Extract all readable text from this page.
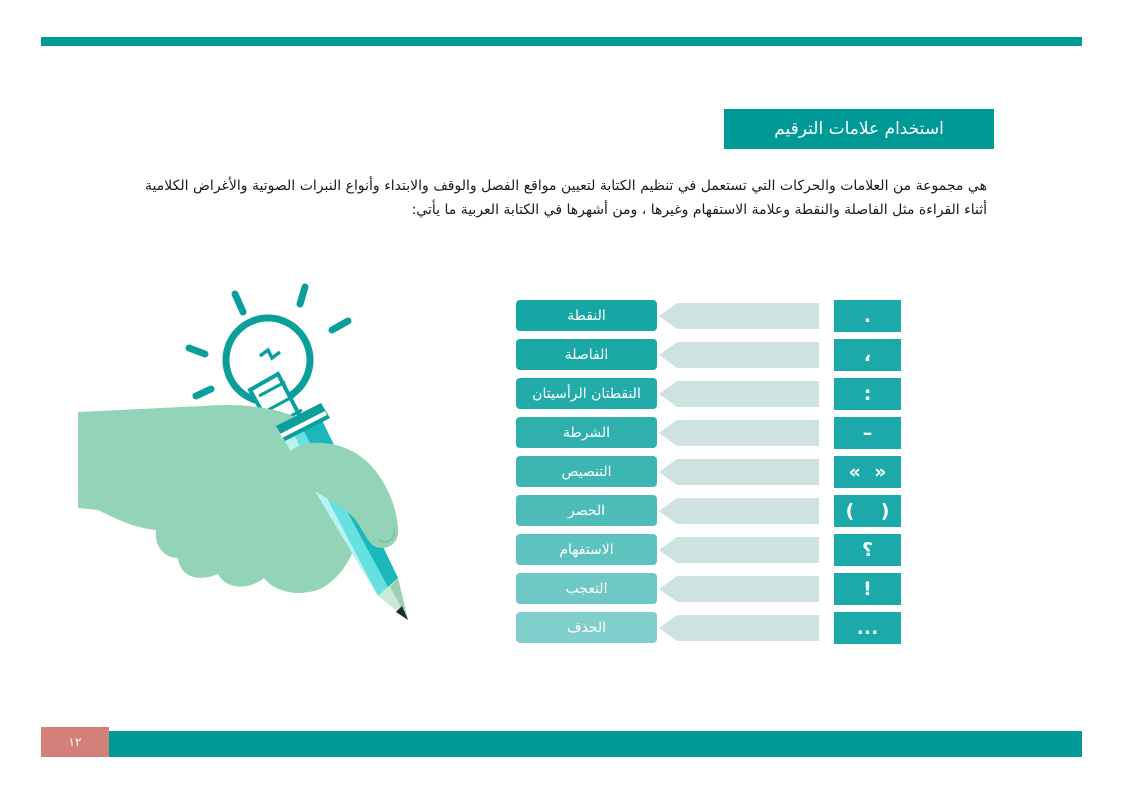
استخدام علامات الترقيم

هي مجموعة من العلامات والحركات التي تستعمل في تنظيم الكتابة لتعيين مواقع الفصل والوقف والابتداء وأنواع النبرات الصوتية والأغراض الكلامية أثناء القراءة مثل الفاصلة والنقطة وعلامة الاستفهام وغيرها ، ومن أشهرها في الكتابة العربية ما يأتي:

النقطة	.
الفاصلة	،
النقطتان الرأسيتان	:
الشرطة	–
التنصيص	«  »
الحصر	(    )
الاستفهام	؟
التعجب	!
الحذف	...
١٢
